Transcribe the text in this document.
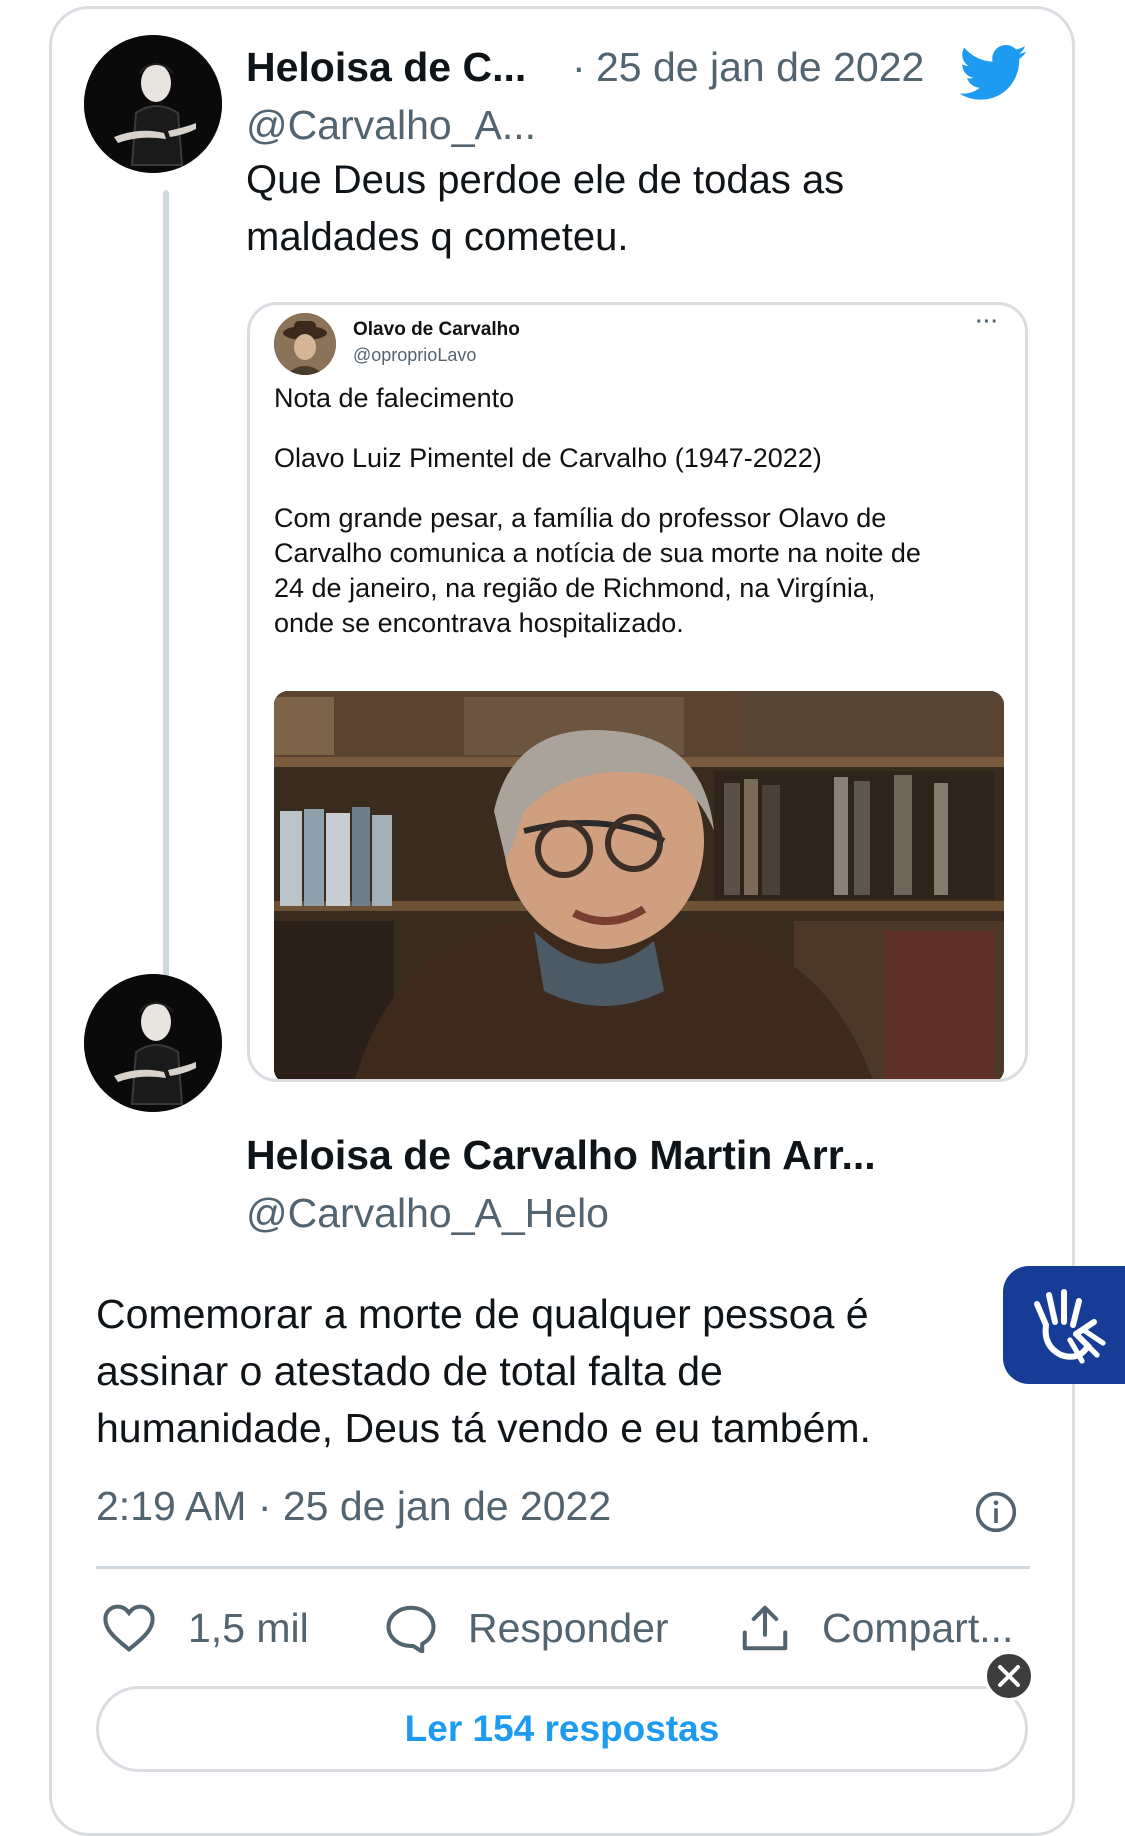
Heloisa de C... · 25 de jan de 2022
@Carvalho_A...
Que Deus perdoe ele de todas as
maldades q cometeu.
Olavo de Carvalho
@oproprioLavo
···
Nota de falecimento
Olavo Luiz Pimentel de Carvalho (1947-2022)
Com grande pesar, a família do professor Olavo de
Carvalho comunica a notícia de sua morte na noite de
24 de janeiro, na região de Richmond, na Virgínia,
onde se encontrava hospitalizado.
Heloisa de Carvalho Martin Arr...
@Carvalho_A_Helo
Comemorar a morte de qualquer pessoa é
assinar o atestado de total falta de
humanidade, Deus tá vendo e eu também.
2:19 AM · 25 de jan de 2022
1,5 mil	Responder	Compart...
Ler 154 respostas
